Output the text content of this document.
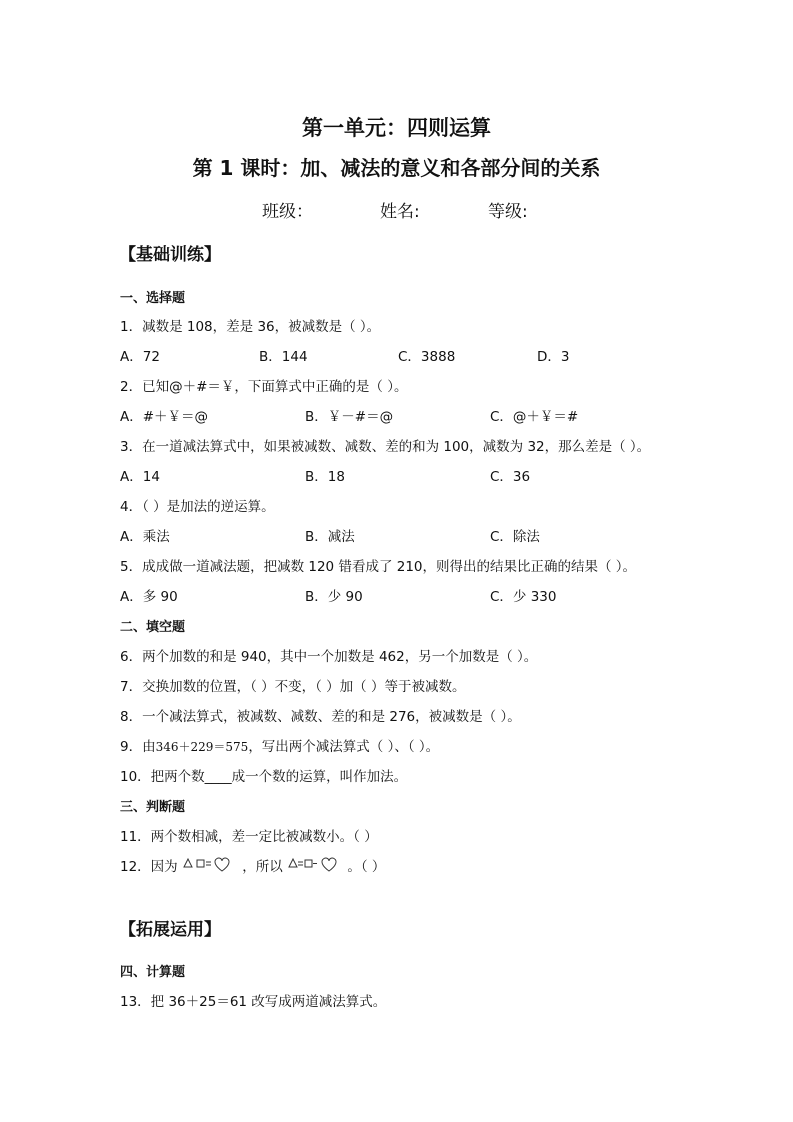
第一单元：四则运算
第 1 课时：加、减法的意义和各部分间的关系
班级：	姓名:	等级:
【基础训练】
一、选择题
1．减数是 108，差是 36，被减数是（ ）。
A．72	B．144	C．3888	D．3
2．已知@＋#＝￥，下面算式中正确的是（ ）。
A．#＋￥＝@	B．￥－#＝@	C．@＋￥＝#
3．在一道减法算式中，如果被减数、减数、差的和为 100，减数为 32，那么差是（ ）。
A．14	B．18	C．36
4．（ ）是加法的逆运算。
A．乘法	B．减法	C．除法
5．成成做一道减法题，把减数 120 错看成了 210，则得出的结果比正确的结果（ ）。
A．多 90	B．少 90	C．少 330
二、填空题
6．两个加数的和是 940，其中一个加数是 462，另一个加数是（ ）。
7．交换加数的位置，（ ）不变，（ ）加（ ）等于被减数。
8．一个减法算式，被减数、减数、差的和是 276，被减数是（ ）。
9．由346＋229＝575，写出两个减法算式（ ）、（ ）。
10．把两个数____成一个数的运算，叫作加法。
三、判断题
11．两个数相减，差一定比被减数小。（ ）
12．因为	，所以	。（ ）
【拓展运用】
四、计算题
13．把 36＋25＝61 改写成两道减法算式。
